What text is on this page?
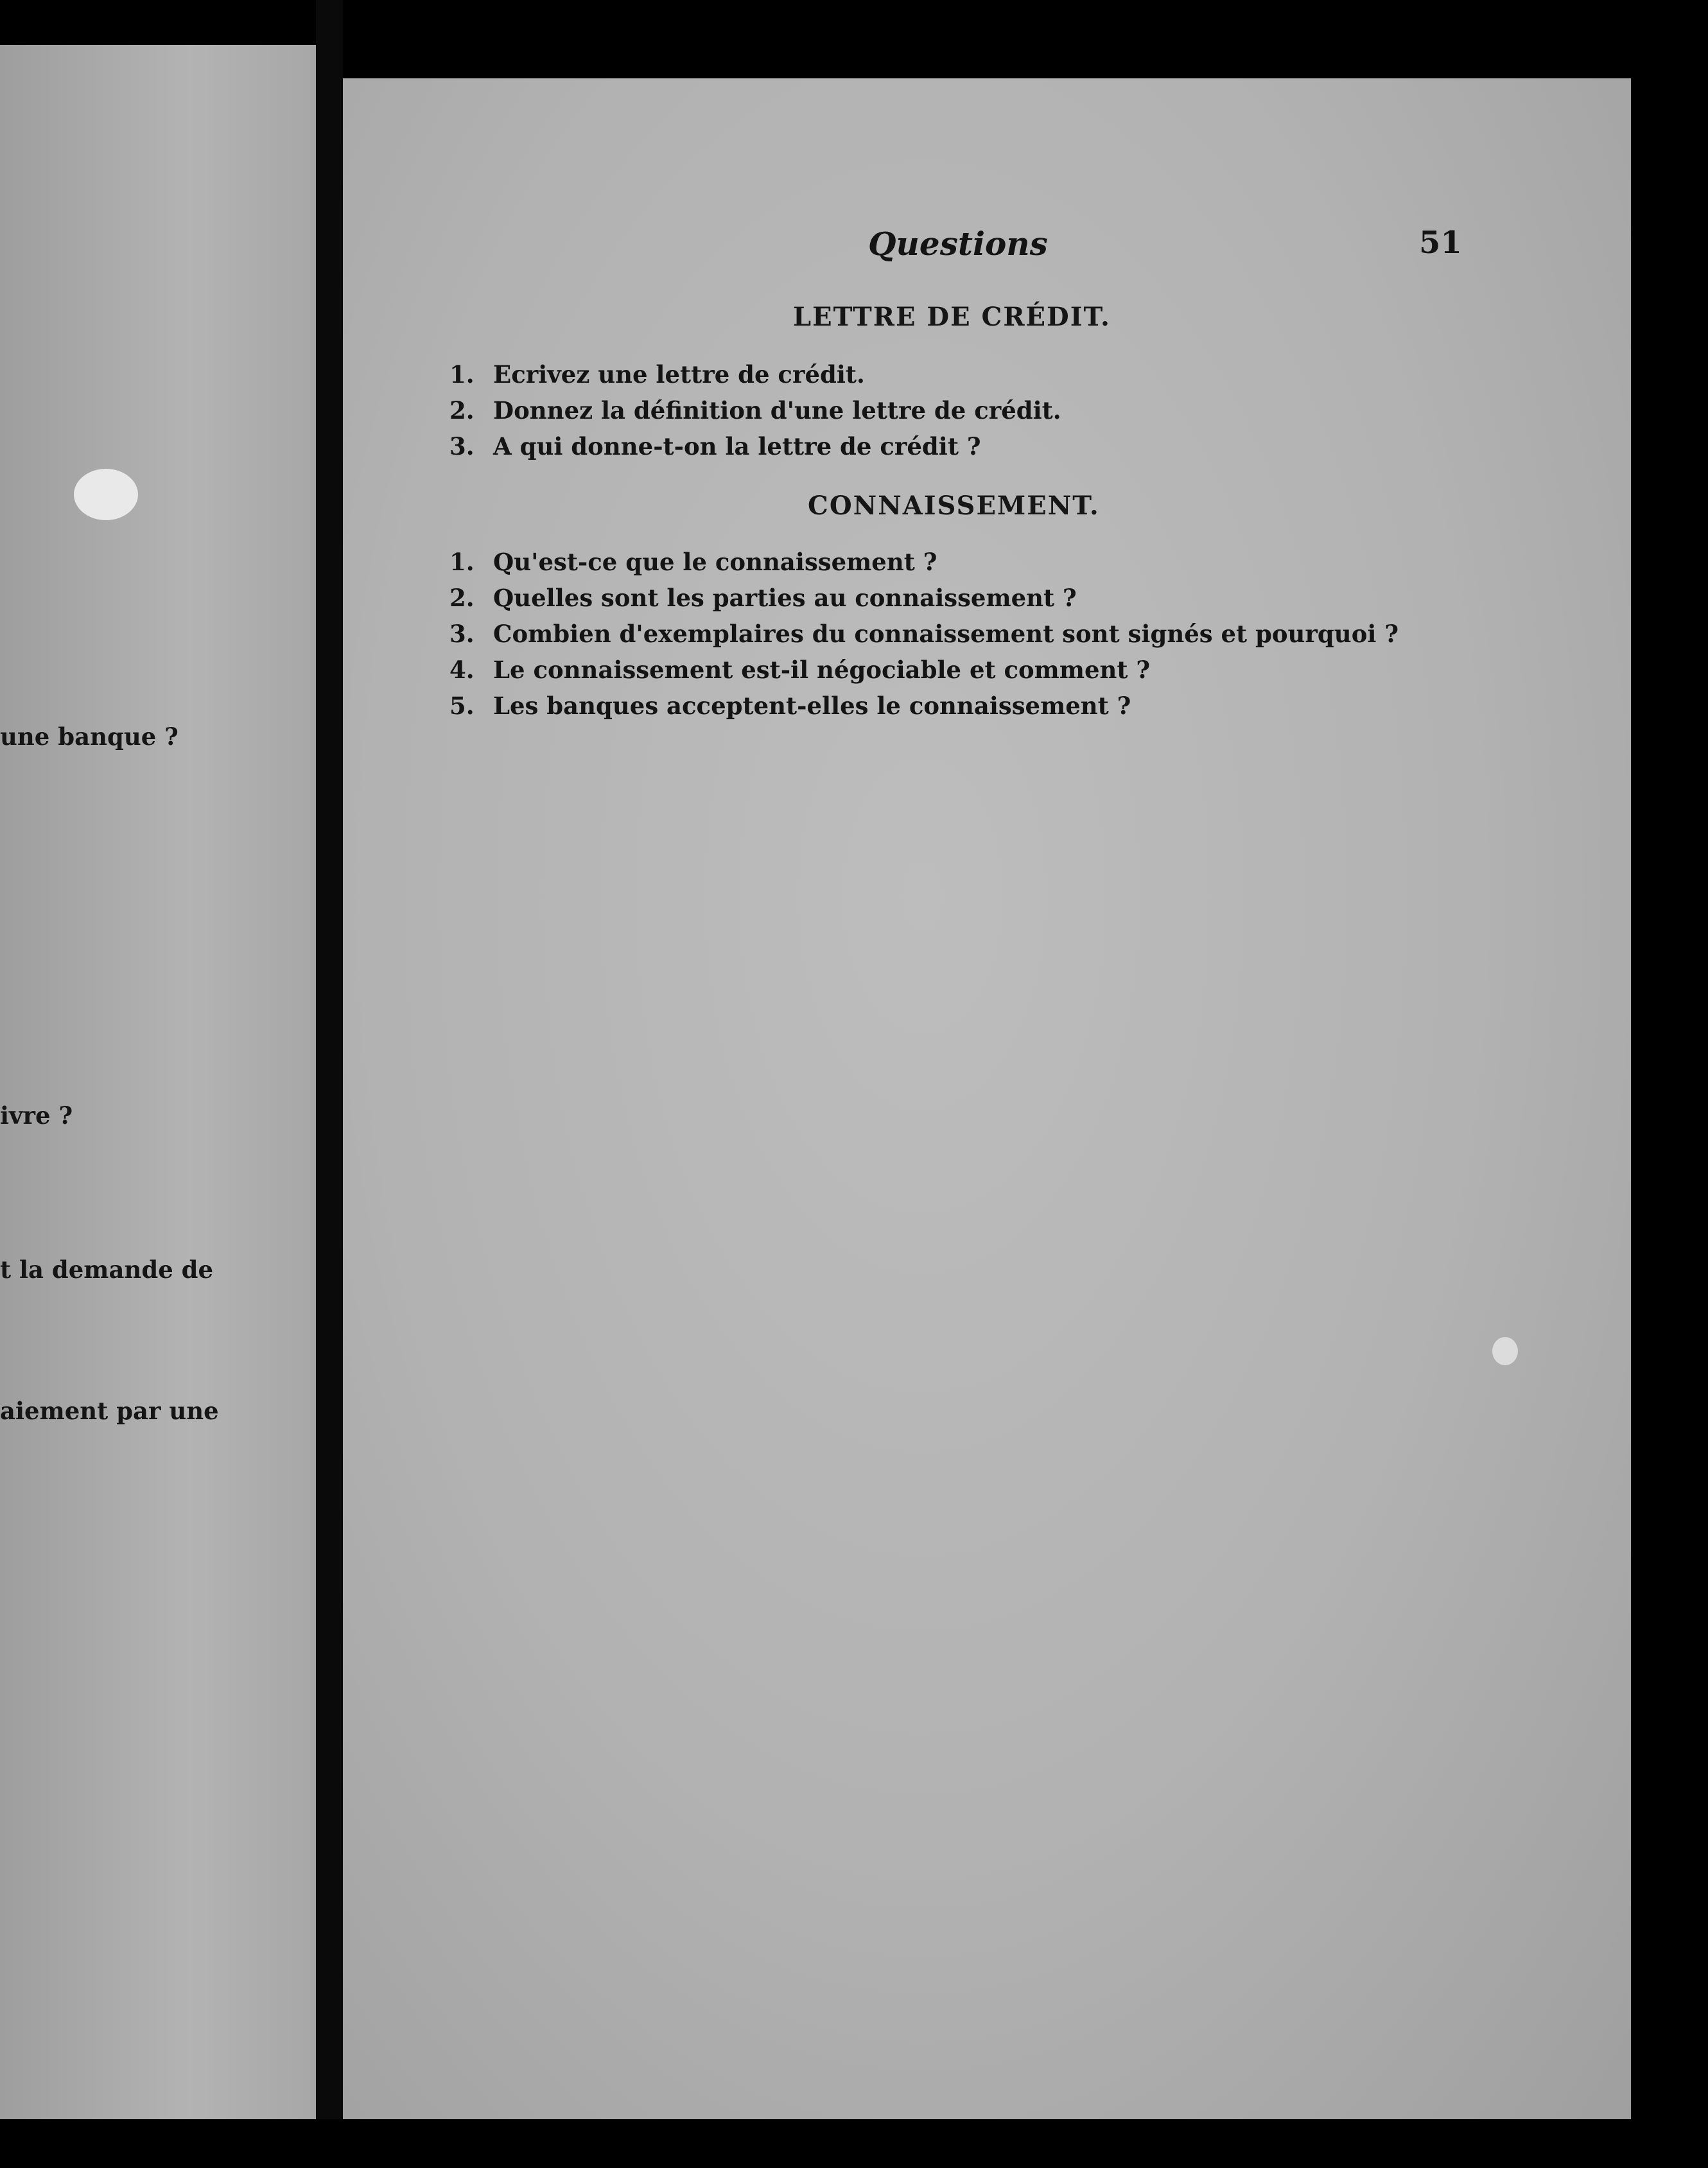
une banque ?
ivre ?
t la demande de
aiement par une
Questions	51
LETTRE DE CRÉDIT.
1. Ecrivez une lettre de crédit.
2. Donnez la définition d'une lettre de crédit.
3. A qui donne-t-on la lettre de crédit ?
CONNAISSEMENT.
1. Qu'est-ce que le connaissement ?
2. Quelles sont les parties au connaissement ?
3. Combien d'exemplaires du connaissement sont signés et pourquoi ?
4. Le connaissement est-il négociable et comment ?
5. Les banques acceptent-elles le connaissement ?
